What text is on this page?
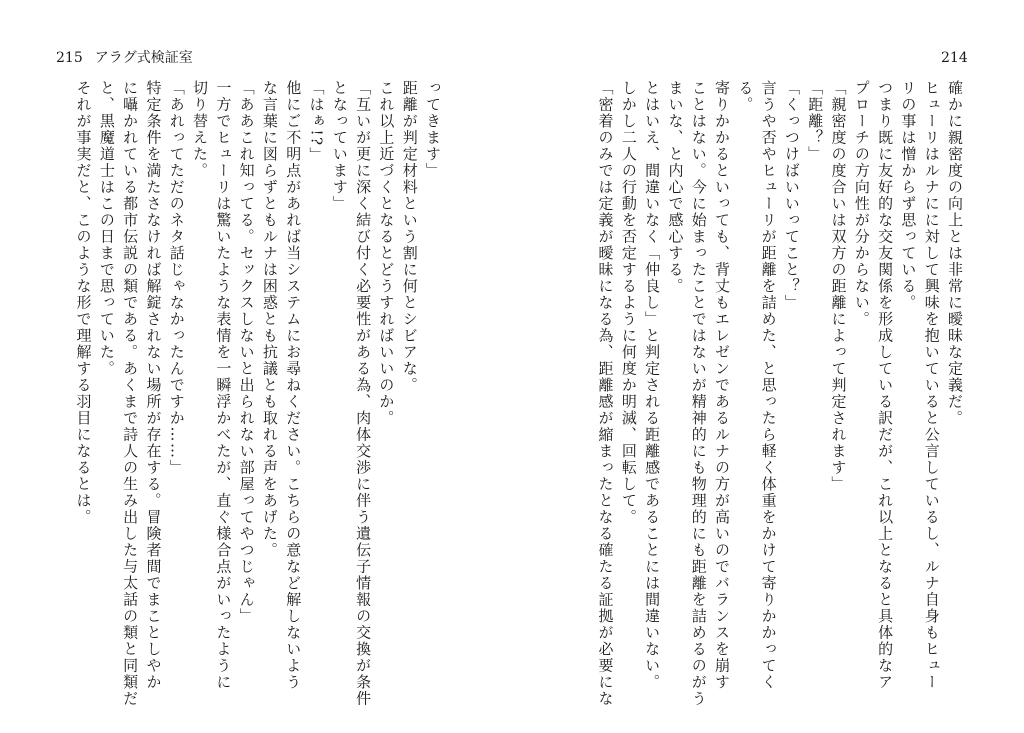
215 アラグ式検証室	214
確かに親密度の向上とは非常に曖昧な定義だ。
ヒューリはルナにに対して興味を抱いていると公言しているし、ルナ自身もヒュー
リの事は憎からず思っている。
つまり既に友好的な交友関係を形成している訳だが、これ以上となると具体的なア
プローチの方向性が分からない。
「親密度の度合いは双方の距離によって判定されます」
「距離？」
「くっつけばいいってこと？」
言うや否やヒューリが距離を詰めた、と思ったら軽く体重をかけて寄りかかってく
る。
寄りかかるといっても、背丈もエレゼンであるルナの方が高いのでバランスを崩す
ことはない。今に始まったことではないが精神的にも物理的にも距離を詰めるのがう
まいな、と内心で感心する。
とはいえ、間違いなく「仲良し」と判定される距離感であることには間違いない。
しかし二人の行動を否定するように何度か明滅、回転して。
「密着のみでは定義が曖昧になる為、距離感が縮まったとなる確たる証拠が必要にな
ってきます」
距離が判定材料という割に何とシビアな。
これ以上近づくとなるとどうすればいいのか。
「互いが更に深く結び付く必要性がある為、肉体交渉に伴う遺伝子情報の交換が条件
となっています」
「はぁ!?」
他にご不明点があれば当システムにお尋ねください。こちらの意など解しないよう
な言葉に図らずともルナは困惑とも抗議とも取れる声をあげた。
「ああこれ知ってる。セックスしないと出られない部屋ってやつじゃん」
一方でヒューリは驚いたような表情を一瞬浮かべたが、直ぐ様合点がいったように
切り替えた。
「あれってただのネタ話じゃなかったんですか……」
特定条件を満たさなければ解錠されない場所が存在する。冒険者間でまことしやか
に囁かれている都市伝説の類である。あくまで詩人の生み出した与太話の類と同類だ
と、黒魔道士はこの日まで思っていた。
それが事実だと、このような形で理解する羽目になるとは。
